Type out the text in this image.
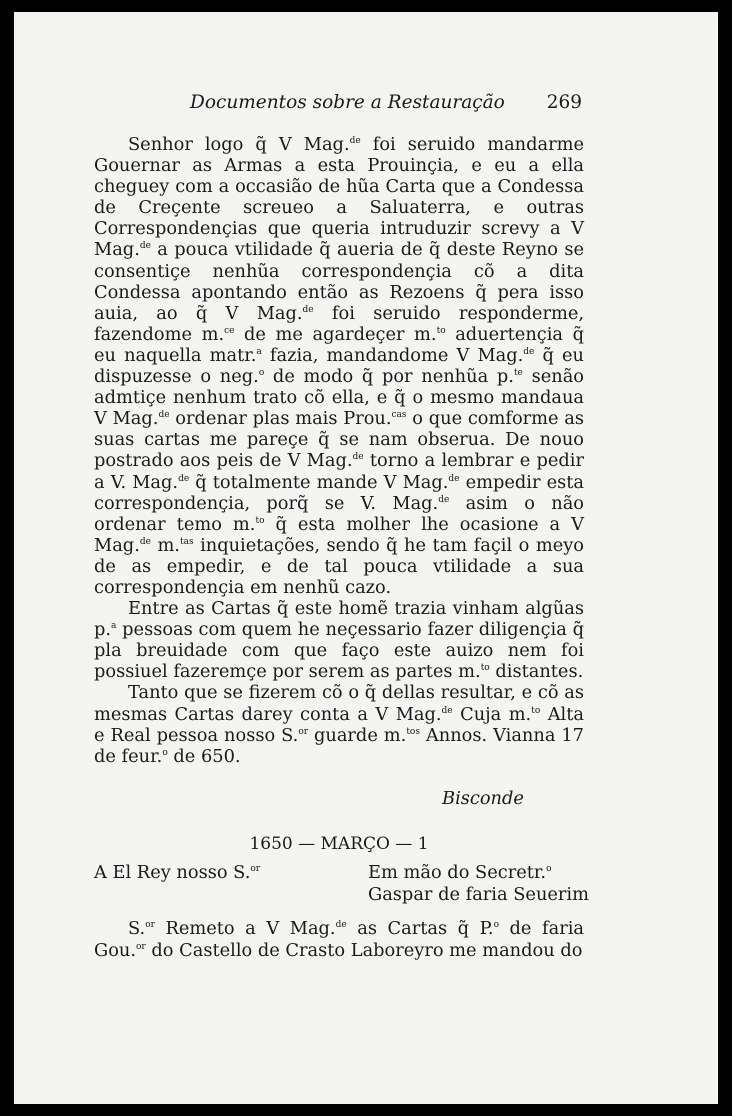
Documentos sobre a Restauração 269

Senhor logo q̃ V Mag.$^{de}$ foi seruido mandarme Gouernar as Armas a esta Prouinçia, e eu a ella cheguey com a occasião de hũa Carta que a Condessa de Creçente screueo a Saluaterra, e outras Correspondençias que queria intruduzir screvy a V Mag.$^{de}$ a pouca vtilidade q̃ aueria de q̃ deste Reyno se consentiçe nenhũa correspondençia cõ a dita Condessa apontando então as Rezoens q̃ pera isso auia, ao q̃ V Mag.$^{de}$ foi seruido responderme, fazendome m.$^{ce}$ de me agardeçer m.$^{to}$ aduertençia q̃ eu naquella matr.$^a$ fazia, mandandome V Mag.$^{de}$ q̃ eu dispuzesse o neg.$^o$ de modo q̃ por nenhũa p.$^{te}$ senão admtiçe nenhum trato cõ ella, e q̃ o mesmo mandaua V Mag.$^{de}$ ordenar plas mais Prou.$^{cas}$ o que comforme as suas cartas me pareçe q̃ se nam obserua. De nouo postrado aos peis de V Mag.$^{de}$ torno a lembrar e pedir a V. Mag.$^{de}$ q̃ totalmente mande V Mag.$^{de}$ empedir esta correspondençia, porq̃ se V. Mag.$^{de}$ asim o não ordenar temo m.$^{to}$ q̃ esta molher lhe ocasione a V Mag.$^{de}$ m.$^{tas}$ inquietações, sendo q̃ he tam façil o meyo de as empedir, e de tal pouca vtilidade a sua correspondençia em nenhũ cazo.

Entre as Cartas q̃ este homẽ trazia vinham algũas p.$^a$ pessoas com quem he neçessario fazer diligençia q̃ pla breuidade com que faço este auizo nem foi possiuel fazeremçe por serem as partes m.$^{to}$ distantes.

Tanto que se fizerem cõ o q̃ dellas resultar, e cõ as mesmas Cartas darey conta a V Mag.$^{de}$ Cuja m.$^{to}$ Alta e Real pessoa nosso S.$^{or}$ guarde m.$^{tos}$ Annos. Vianna 17 de feur.$^o$ de 650.

Bisconde
1650 — MARÇO — 1
A El Rey nosso S.$^{or}$	Em mão do Secretr.$^o$
Gaspar de faria Seuerim

S.$^{or}$ Remeto a V Mag.$^{de}$ as Cartas q̃ P.$^o$ de faria Gou.$^{or}$ do Castello de Crasto Laboreyro me mandou do
